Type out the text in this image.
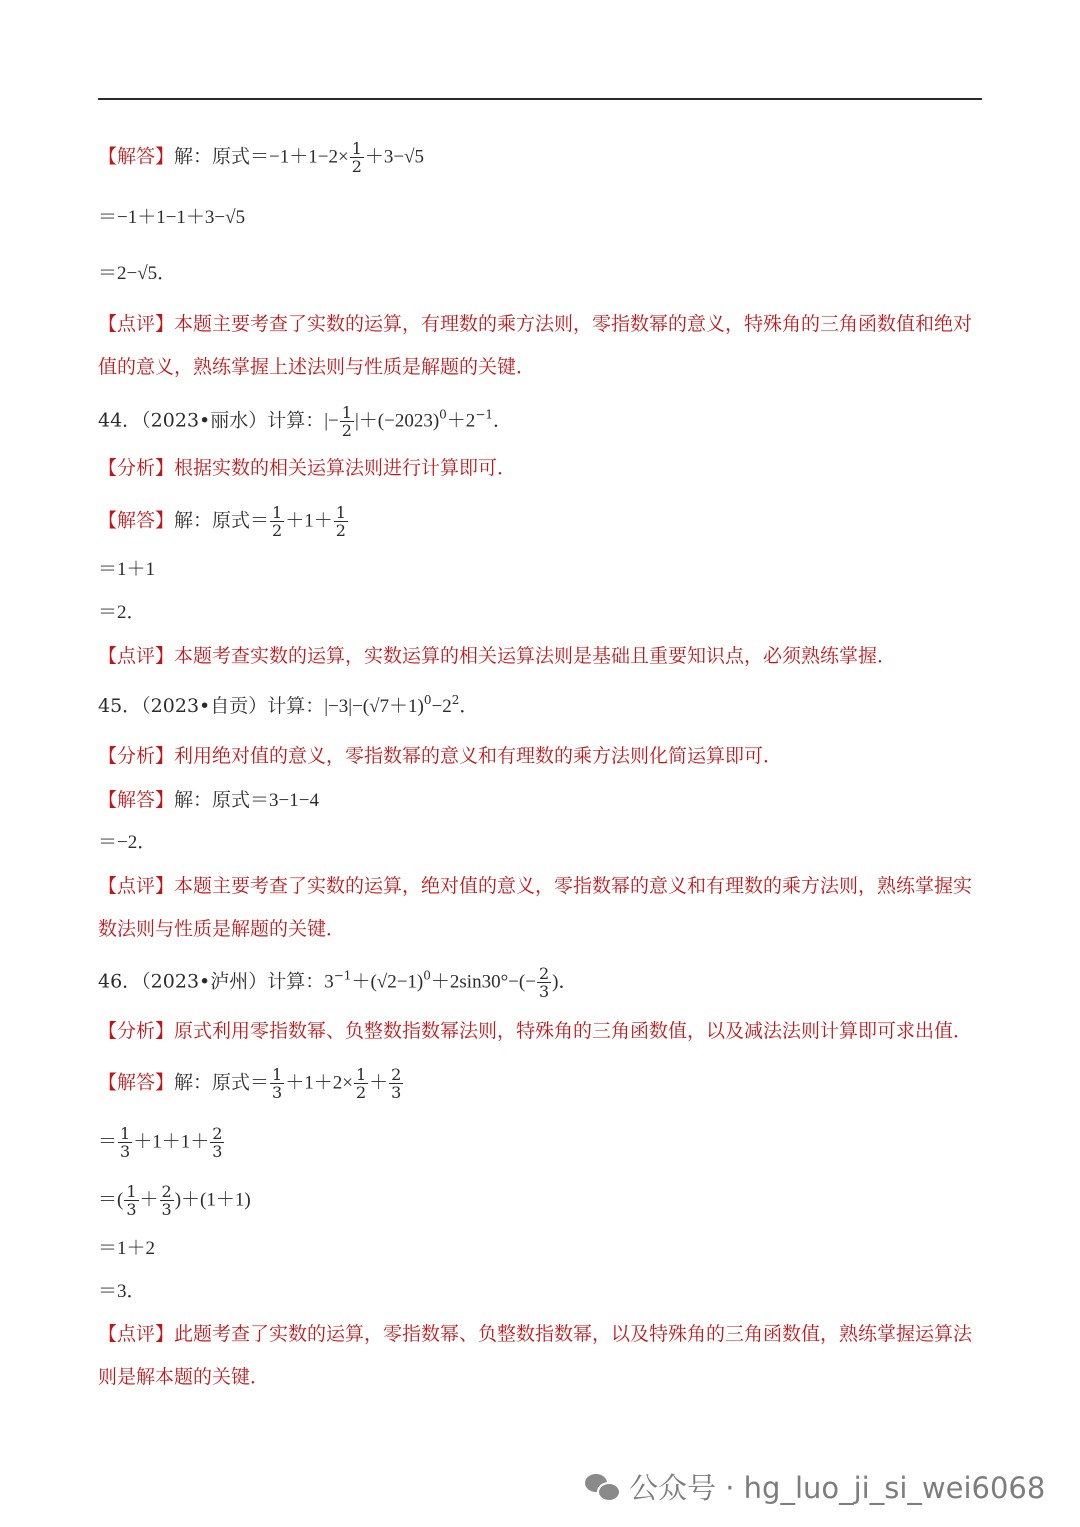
【解答】解：原式$=-1+1-2\times \frac{1}{2} +3-√5$
＝−1＋1−1＋3−√5
＝2−√5．
【点评】本题主要考查了实数的运算，有理数的乘方法则，零指数幂的意义，特殊角的三角函数值和绝对
值的意义，熟练掌握上述法则与性质是解题的关键．
44．（2023•丽水）计算：|− $\frac{1}{2} |+(-2023)^0+2^{-1}$．
【分析】根据实数的相关运算法则进行计算即可．
【解答】解：原式＝ $\frac{1}{2} +1+ \frac{1}{2}$
＝1＋1
＝2．
【点评】本题考查实数的运算，实数运算的相关运算法则是基础且重要知识点，必须熟练掌握．
45．（2023•自贡）计算：$|-3|-(√7+1)^0-2^2$．
【分析】利用绝对值的意义，零指数幂的意义和有理数的乘方法则化简运算即可．
【解答】解：原式＝3−1−4
＝−2．
【点评】本题主要考查了实数的运算，绝对值的意义，零指数幂的意义和有理数的乘方法则，熟练掌握实
数法则与性质是解题的关键．
46．（2023•泸州）计算：$3^{-1}+(√2-1)^0+2\sin 30^\circ-(- \frac{2}{3}$ )．
【分析】原式利用零指数幂、负整数指数幂法则，特殊角的三角函数值，以及减法法则计算即可求出值．
【解答】解：原式＝ $\frac{1}{3} +1+2\times \frac{1}{2} + \frac{2}{3}$
＝ $\frac{1}{3} +1+1+ \frac{2}{3}$
＝( $\frac{1}{3} + \frac{2}{3} )+(1+1)$
＝1＋2
＝3．
【点评】此题考查了实数的运算，零指数幂、负整数指数幂，以及特殊角的三角函数值，熟练掌握运算法
则是解本题的关键．
公众号 · hg_luo_ji_si_wei6068
